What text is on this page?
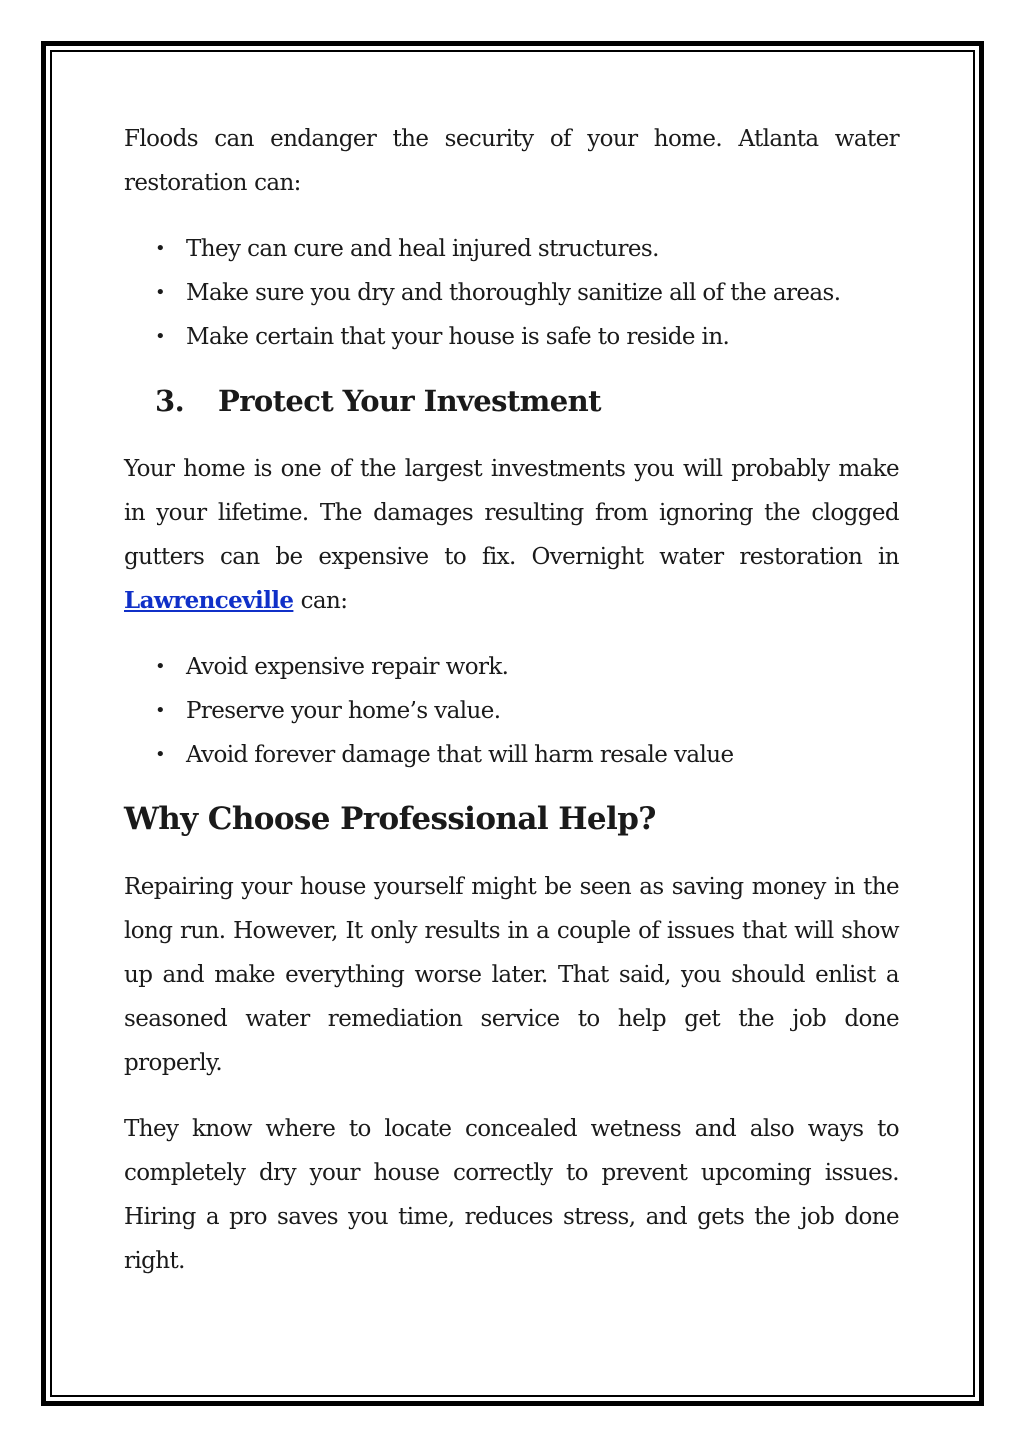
Floods can endanger the security of your home. Atlanta water restoration can:

• They can cure and heal injured structures.
• Make sure you dry and thoroughly sanitize all of the areas.
• Make certain that your house is safe to reside in.
3. Protect Your Investment

Your home is one of the largest investments you will probably make in your lifetime. The damages resulting from ignoring the clogged gutters can be expensive to fix. Overnight water restoration in Lawrenceville can:

• Avoid expensive repair work.
• Preserve your home’s value.
• Avoid forever damage that will harm resale value
Why Choose Professional Help?

Repairing your house yourself might be seen as saving money in the long run. However, It only results in a couple of issues that will show up and make everything worse later. That said, you should enlist a seasoned water remediation service to help get the job done properly.

They know where to locate concealed wetness and also ways to completely dry your house correctly to prevent upcoming issues. Hiring a pro saves you time, reduces stress, and gets the job done right.
